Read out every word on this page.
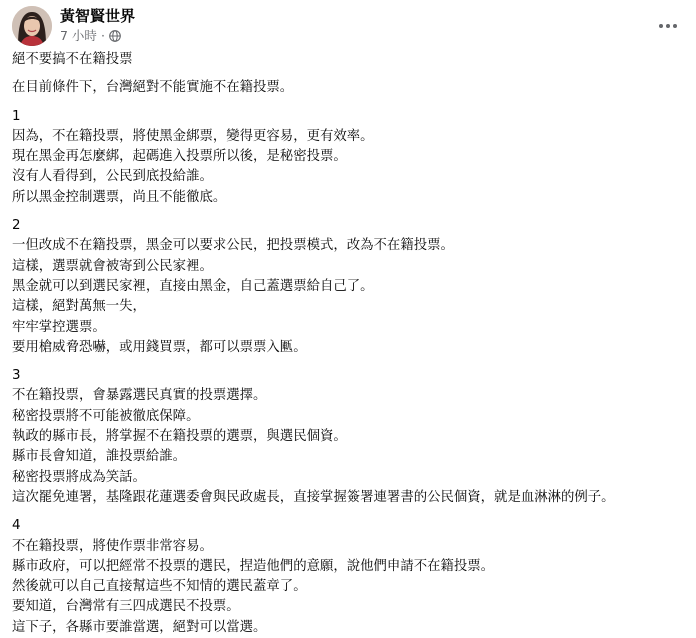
黃智賢世界
7 小時 ·
絕不要搞不在籍投票
在目前條件下，台灣絕對不能實施不在籍投票。
1
因為，不在籍投票，將使黑金綁票，變得更容易，更有效率。
現在黑金再怎麼綁，起碼進入投票所以後，是秘密投票。
沒有人看得到，公民到底投給誰。
所以黑金控制選票，尚且不能徹底。
2
一但改成不在籍投票，黑金可以要求公民，把投票模式，改為不在籍投票。
這樣，選票就會被寄到公民家裡。
黑金就可以到選民家裡，直接由黑金，自己蓋選票給自己了。
這樣，絕對萬無一失，
牢牢掌控選票。
要用槍威脅恐嚇，或用錢買票，都可以票票入匭。
3
不在籍投票，會暴露選民真實的投票選擇。
秘密投票將不可能被徹底保障。
執政的縣市長，將掌握不在籍投票的選票，與選民個資。
縣市長會知道，誰投票給誰。
秘密投票將成為笑話。
這次罷免連署，基隆跟花蓮選委會與民政處長，直接掌握簽署連署書的公民個資，就是血淋淋的例子。
4
不在籍投票，將使作票非常容易。
縣市政府，可以把經常不投票的選民，捏造他們的意願，說他們申請不在籍投票。
然後就可以自己直接幫這些不知情的選民蓋章了。
要知道，台灣常有三四成選民不投票。
這下子，各縣市要誰當選，絕對可以當選。
